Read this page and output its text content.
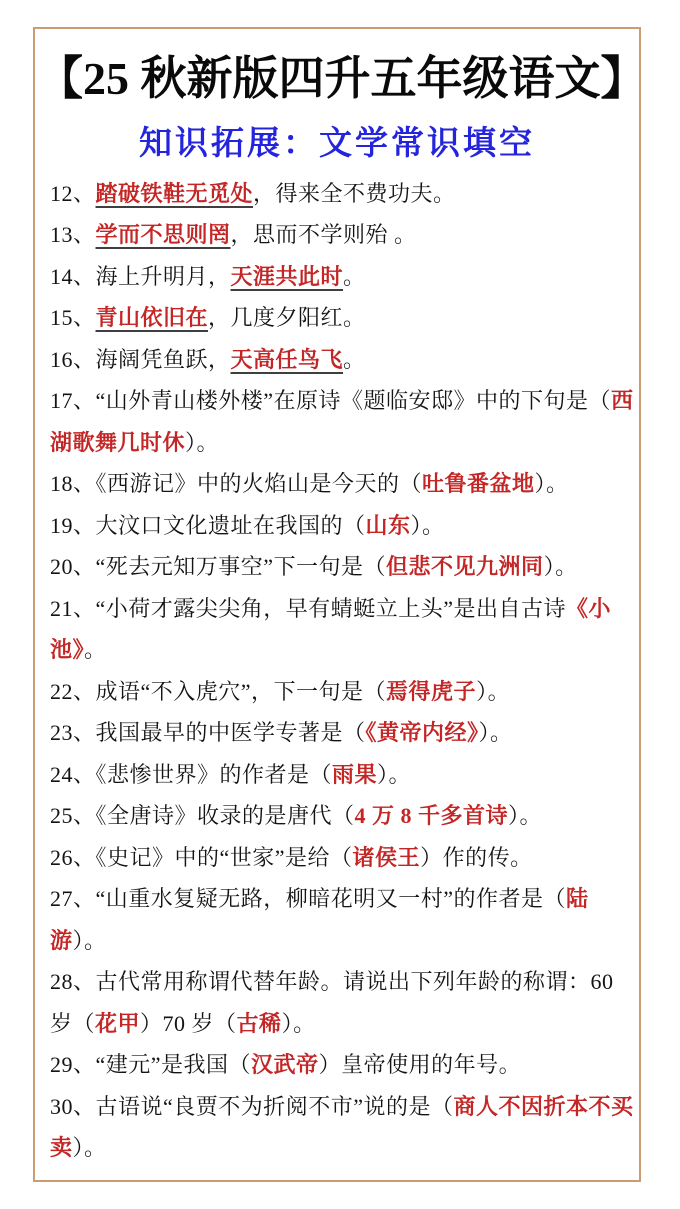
【25 秋新版四升五年级语文】
知识拓展：文学常识填空

12、踏破铁鞋无觅处，得来全不费功夫。

13、学而不思则罔，思而不学则殆 。

14、海上升明月，天涯共此时。

15、青山依旧在，几度夕阳红。

16、海阔凭鱼跃，天高任鸟飞。

17、“山外青山楼外楼”在原诗《题临安邸》中的下句是（西湖歌舞几时休）。

18、《西游记》中的火焰山是今天的（吐鲁番盆地）。

19、大汶口文化遗址在我国的（山东）。

20、“死去元知万事空”下一句是（但悲不见九洲同）。

21、“小荷才露尖尖角，早有蜻蜓立上头”是出自古诗《小池》。

22、成语“不入虎穴”，下一句是（焉得虎子）。

23、我国最早的中医学专著是（《黄帝内经》）。

24、《悲惨世界》的作者是（雨果）。

25、《全唐诗》收录的是唐代（4 万 8 千多首诗）。

26、《史记》中的“世家”是给（诸侯王）作的传。

27、“山重水复疑无路，柳暗花明又一村”的作者是（陆游）。

28、古代常用称谓代替年龄。请说出下列年龄的称谓：60 岁（花甲）70 岁（古稀）。

29、“建元”是我国（汉武帝）皇帝使用的年号。

30、古语说“良贾不为折阅不市”说的是（商人不因折本不买卖）。
